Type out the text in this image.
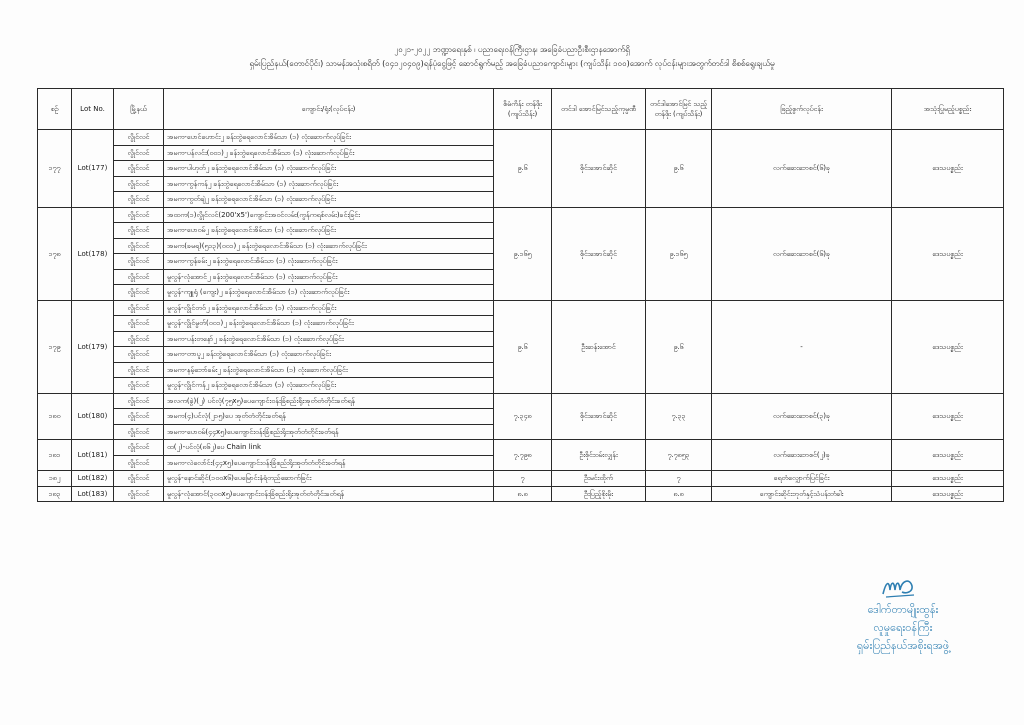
၂၀၂၁-၂၀၂၂ ဘဏ္ဍာရေးနှစ် ၊ ပညာရေးဝန်ကြီးဌာန၊ အခြေခံပညာဦးစီးဌာနအောက်ရှိ
ရှမ်းပြည်နယ်(တောင်ပိုင်း) သာမန်အသုံးစရိတ် (၀၄၁၂၀၄၀၉)ရန်ပုံငွေဖြင့် ဆောင်ရွက်မည့် အခြေခံပညာကျောင်းများ (ကျပ်သိန်း ၁၀၀)အောက် လုပ်ငန်းများအတွက်တင်ဒါ စိစစ်ရွေးချယ်မှု
စဉ်	Lot No.	မြို့နယ်	ကျောင်း/ရုံး(လုပ်ငန်း)	စိမံကိန်း တန်ဖိုး (ကျပ်သိန်း)	တင်ဒါ အောင်မြင်သည့်ကုမ္ပဏီ	တင်ဒါအောင်မြင် သည့်တန်ဖိုး (ကျပ်သိန်း)	ဖြည့်စွက်လုပ်ငန်း	အသုံးပြုမည့်ပစ္စည်း
၁၇၇	Lot(177)	လွိုင်လင်	အမက-ပောင်ဟောင်း၂ ခန်းတွဲရေလောင်အိမ်သာ (၁) လုံးဆောက်လုပ်ခြင်း	၉.၆	စိုင်းအောင်ဆိုင်	၉.၆	လက်ဆေးဘေစင်(၆)ခု	ဒေသပစ္စည်း
		လွိုင်လင်	အမက-ပန်လင်း(၀၀၁)၂ ခန်းတွဲရေလောင်အိမ်သာ (၁) လုံးဆောက်လုပ်ခြင်း					
		လွိုင်လင်	အမက-ပါဟုတ်၂ ခန်းတွဲရေလောင်အိမ်သာ (၁) လုံးဆောက်လုပ်ခြင်း					
		လွိုင်လင်	အမက-ကွန်ကန်၂ ခန်းတွဲရေလောင်အိမ်သာ (၁) လုံးဆောက်လုပ်ခြင်း					
		လွိုင်လင်	အမက-ကွတ်ချဲ၂ ခန်းတွဲရေလောင်အိမ်သာ (၁) လုံးဆောက်လုပ်ခြင်း					
၁၇၈	Lot(178)	လွိုင်လင်	အထက(၁)လွိုင်လင်(200'x5')ကျောင်းအဝင်လမ်း(ကွန်ကရစ်လမ်း)ခင်းခြင်း	၉.၁၆၅	စိုင်းအောင်ဆိုင်	၉.၁၆၅	လက်ဆေးဘေစင်(၆)ခု	ဒေသပစ္စည်း
		လွိုင်လင်	အမက-ပောဝမ်၂ ခန်းတွဲရေလောင်အိမ်သာ (၁) လုံးဆောက်လုပ်ခြင်း					
		လွိုင်လင်	အမက(ခမရ)(၅၁၃)(၀၀၁)၂ ခန်းတွဲရေလောင်အိမ်သာ (၁) လုံးဆောက်လုပ်ခြင်း					
		လွိုင်လင်	အမက-ကွန်ခမ်း၂ ခန်းတွဲရေလောင်အိမ်သာ (၁) လုံးဆောက်လုပ်ခြင်း					
		လွိုင်လင်	မူလွန်-လုံအောင်၂ ခန်းတွဲရေလောင်အိမ်သာ (၁) လုံးဆောက်လုပ်ခြင်း					
		လွိုင်လင်	မူလွန်-ကျူရုံ (ကျေး)၂ ခန်းတွဲရေလောင်အိမ်သာ (၁) လုံးဆောက်လုပ်ခြင်း					
၁၇၉	Lot(179)	လွိုင်လင်	မူလွန်-လွိုင်တဝ်၂ ခန်းတွဲရေလောင်အိမ်သာ (၁) လုံးဆောက်လုပ်ခြင်း	၉.၆	ဦးဆန်းအောင်	၉.၆	-	ဒေသပစ္စည်း
		လွိုင်လင်	မူလွန်-လွိုင်မွတ်(၀၀၁)၂ ခန်းတွဲရေလောင်အိမ်သာ (၁) လုံးဆောက်လုပ်ခြင်း					
		လွိုင်လင်	အမက-ပန်းတနော်၂ ခန်းတွဲရေလောင်အိမ်သာ (၁) လုံးဆောက်လုပ်ခြင်း					
		လွိုင်လင်	အမက-တာပူ၂ ခန်းတွဲရေလောင်အိမ်သာ (၁) လုံးဆောက်လုပ်ခြင်း					
		လွိုင်လင်	အမက-နမ့်ဘော်ခမ်း၂ ခန်းတွဲရေလောင်အိမ်သာ (၁) လုံးဆောက်လုပ်ခြင်း					
		လွိုင်လင်	မူလွန်-လွိုင်ကန်၂ ခန်းတွဲရေလောင်အိမ်သာ (၁) လုံးဆောက်လုပ်ခြင်း					
၁၈၀	Lot(180)	လွိုင်လင်	အလက(ခွဲ)(၂) ပင်လုံ(၇၅x၅)ပေကျောင်းဝန်းခြံစည်းရိုးအုတ်တံတိုင်းခတ်ရန်	၇.၃၄၈	စိုင်းအောင်ဆိုင်	၇.၃၃	လက်ဆေးဘေစင်(၃)ခု	ဒေသပစ္စည်း
		လွိုင်လင်	အမက(၄)ပင်လုံ(၂၁၅)ပေ အုတ်တံတိုင်းခတ်ရန်					
		လွိုင်လင်	အမက-ပောဝမ်(၄၄x၅)ပေကျောင်းဝန်းခြံစည်းရိုးအုတ်တံတိုင်းခတ်ရန်					
၁၈၁	Lot(181)	လွိုင်လင်	ထ(၂)-ပင်လုံ(၈၆၂)ပေ Chain link	၇.၇၉၈	ဦးစိုင်းဝမ်းလျှန်း	၇.၇၈၅၃	လက်ဆေးဘေစင်(၂)ခု	ဒေသပစ္စည်း
		လွိုင်လင်	အမက-လဲလော်င်း(၄၄x၅)ပေကျောင်းဝန်းခြံစည်းရိုးအုတ်တံတိုင်းခတ်ရန်					
၁၈၂	Lot(182)	လွိုင်လင်	မူလွန်-နောင်ဆိုင်(၁၀၀x၆)ပေမြောင်းနံရံတည်ဆောက်ခြင်း	၇	ဦးမင်းထိုက်	၇	ရေတံလျှောက်ပြင်ခြင်း	ဒေသပစ္စည်း
၁၈၃	Lot(183)	လွိုင်လင်	မူလွန်-လုံအောင်(၃၀၀x၅)ပေကျောင်းဝန်းခြံစည်းရိုးအုတ်တံတိုင်းခတ်ရန်	၈.၈	ဦးပြည့်စိုးမိုး	၈.၈	ကျောင်းဆိုင်းဘုတ်နှင့်သံပန်းတံခါး	ဒေသပစ္စည်း
ဒေါက်တာမျိုးထွန်း
လူမှုရေးဝန်ကြီး
ရှမ်းပြည်နယ်အစိုးရအဖွဲ့
